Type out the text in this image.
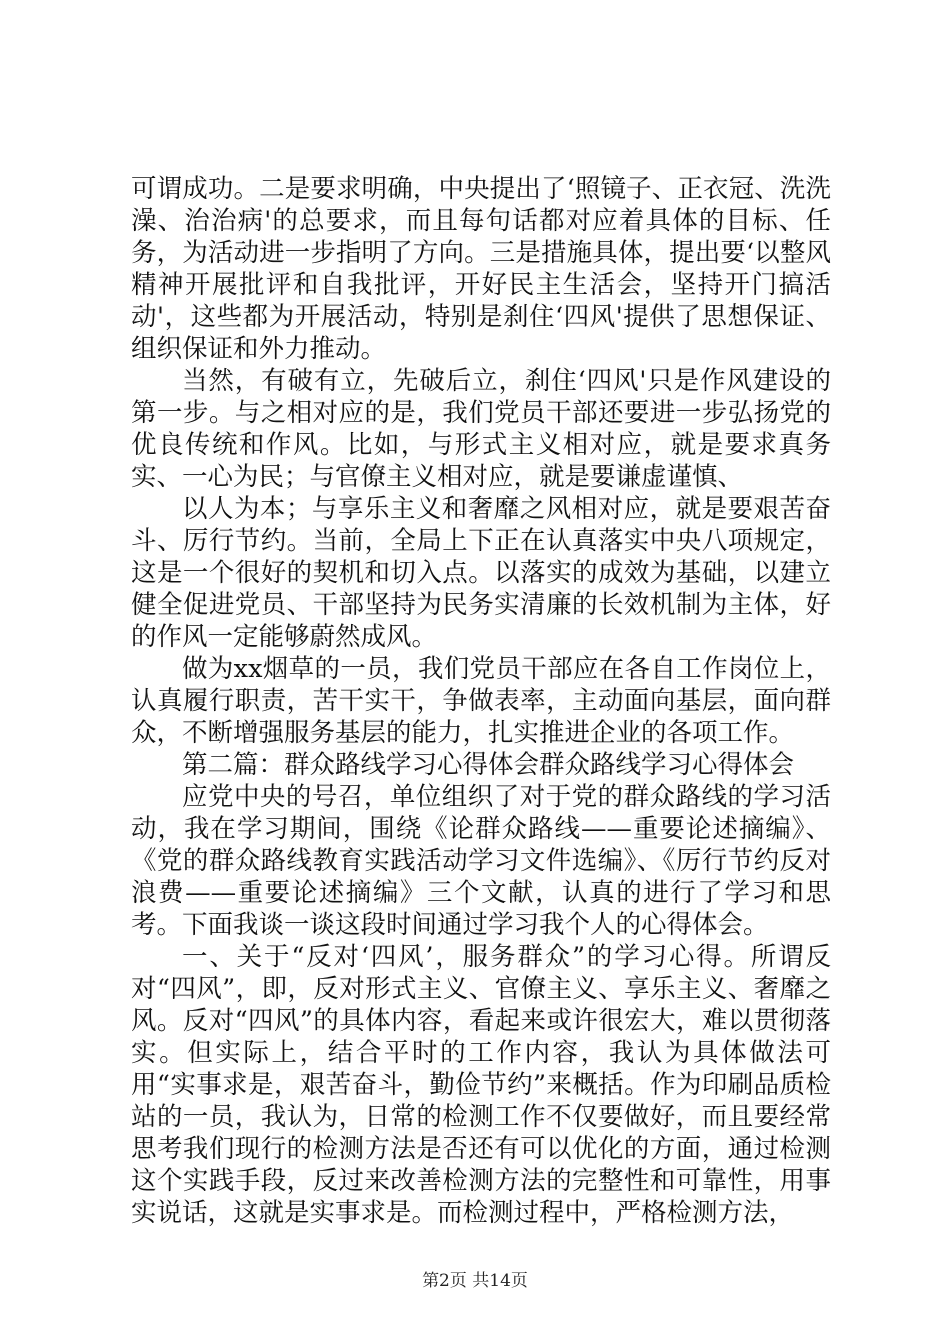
可谓成功。二是要求明确，中央提出了‘照镜子、正衣冠、洗洗澡、治治病'的总要求，而且每句话都对应着具体的目标、任务，为活动进一步指明了方向。三是措施具体，提出要‘以整风精神开展批评和自我批评，开好民主生活会，坚持开门搞活动'，这些都为开展活动，特别是刹住‘四风'提供了思想保证、组织保证和外力推动。

当然，有破有立，先破后立，刹住‘四风'只是作风建设的第一步。与之相对应的是，我们党员干部还要进一步弘扬党的优良传统和作风。比如，与形式主义相对应，就是要求真务实、一心为民；与官僚主义相对应，就是要谦虚谨慎、

以人为本；与享乐主义和奢靡之风相对应，就是要艰苦奋斗、厉行节约。当前，全局上下正在认真落实中央八项规定，这是一个很好的契机和切入点。以落实的成效为基础，以建立健全促进党员、干部坚持为民务实清廉的长效机制为主体，好的作风一定能够蔚然成风。

做为xx烟草的一员，我们党员干部应在各自工作岗位上，认真履行职责，苦干实干，争做表率，主动面向基层，面向群众，不断增强服务基层的能力，扎实推进企业的各项工作。

第二篇：群众路线学习心得体会群众路线学习心得体会

应党中央的号召，单位组织了对于党的群众路线的学习活动，我在学习期间，围绕《论群众路线——重要论述摘编》、《党的群众路线教育实践活动学习文件选编》、《厉行节约反对浪费——重要论述摘编》三个文献，认真的进行了学习和思考。下面我谈一谈这段时间通过学习我个人的心得体会。

一、关于“反对‘四风’，服务群众”的学习心得。所谓反对“四风”，即，反对形式主义、官僚主义、享乐主义、奢靡之风。反对“四风”的具体内容，看起来或许很宏大，难以贯彻落实。但实际上，结合平时的工作内容，我认为具体做法可用“实事求是，艰苦奋斗，勤俭节约”来概括。作为印刷品质检站的一员，我认为，日常的检测工作不仅要做好，而且要经常思考我们现行的检测方法是否还有可以优化的方面，通过检测这个实践手段，反过来改善检测方法的完整性和可靠性，用事实说话，这就是实事求是。而检测过程中，严格检测方法，

第2页 共14页
